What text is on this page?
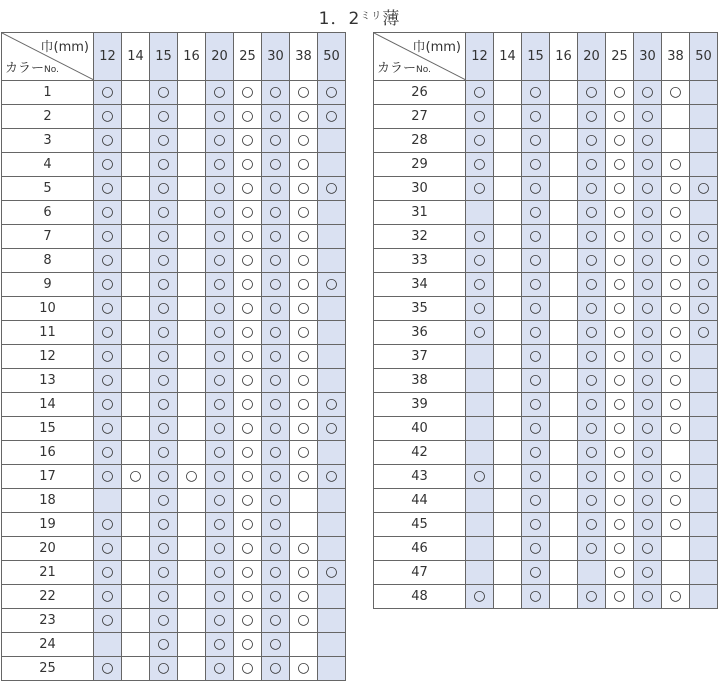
1．$2^{ミリ}$薄
巾(mm)
カラーNo.	12	14	15	16	20	25	30	38	50
1	○		○		○	○	○	○	○
2	○		○		○	○	○	○	○
3	○		○		○	○	○	○	
4	○		○		○	○	○	○	
5	○		○		○	○	○	○	○
6	○		○		○	○	○	○	
7	○		○		○	○	○	○	
8	○		○		○	○	○	○	
9	○		○		○	○	○	○	○
10	○		○		○	○	○	○	
11	○		○		○	○	○	○	
12	○		○		○	○	○	○	
13	○		○		○	○	○	○	
14	○		○		○	○	○	○	○
15	○		○		○	○	○	○	○
16	○		○		○	○	○	○	
17	○	○	○	○	○	○	○	○	○
18			○		○	○	○		
19	○		○		○	○	○		
20	○		○		○	○	○	○	
21	○		○		○	○	○	○	○
22	○		○		○	○	○	○	
23	○		○		○	○	○	○	
24			○		○	○	○		
25	○		○		○	○	○	○	
巾(mm)
カラーNo.	12	14	15	16	20	25	30	38	50
26	○		○		○	○	○	○	
27	○		○		○	○	○		
28	○		○		○	○	○		
29	○		○		○	○	○	○	
30	○		○		○	○	○	○	○
31			○		○	○	○	○	
32	○		○		○	○	○	○	○
33	○		○		○	○	○	○	○
34	○		○		○	○	○	○	○
35	○		○		○	○	○	○	○
36	○		○		○	○	○	○	○
37			○		○	○	○	○	
38			○		○	○	○	○	
39			○		○	○	○	○	
40			○		○	○	○	○	
42			○		○	○	○		
43	○		○		○	○	○	○	
44			○		○	○	○	○	
45			○		○	○	○	○	
46			○		○	○	○		
47			○			○	○		
48	○		○		○	○	○	○	
